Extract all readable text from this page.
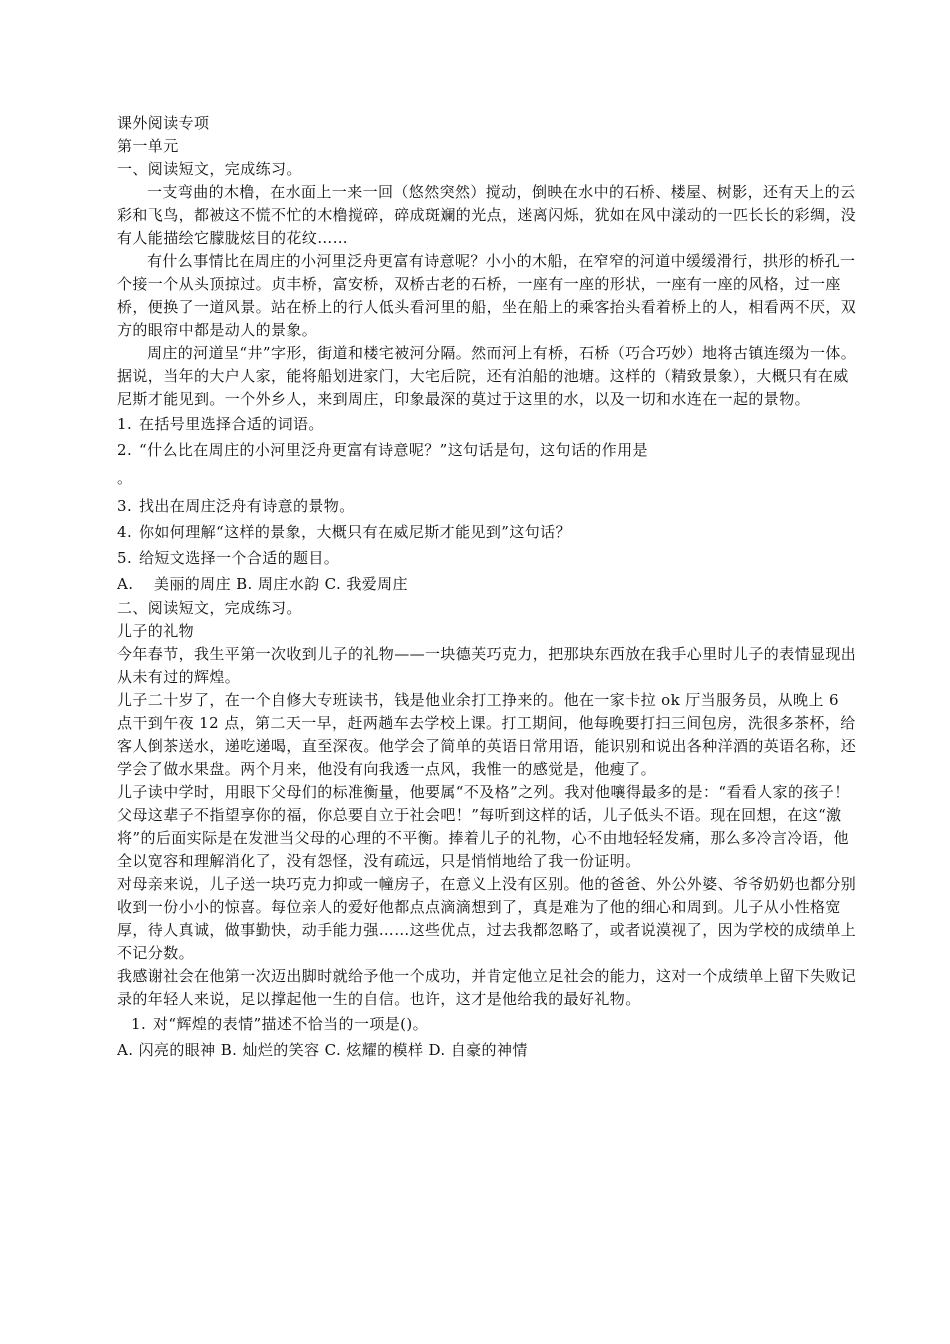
课外阅读专项
第一单元
一、阅读短文，完成练习。
一支弯曲的木橹，在水面上一来一回（悠然突然）搅动，倒映在水中的石桥、楼屋、树影，还有天上的云彩和飞鸟，都被这不慌不忙的木橹搅碎，碎成斑斓的光点，迷离闪烁，犹如在风中漾动的一匹长长的彩绸，没有人能描绘它朦胧炫目的花纹……
有什么事情比在周庄的小河里泛舟更富有诗意呢？小小的木船，在窄窄的河道中缓缓滑行，拱形的桥孔一个接一个从头顶掠过。贞丰桥，富安桥，双桥古老的石桥，一座有一座的形状，一座有一座的风格，过一座桥，便换了一道风景。站在桥上的行人低头看河里的船，坐在船上的乘客抬头看着桥上的人，相看两不厌，双方的眼帘中都是动人的景象。
周庄的河道呈“井”字形，街道和楼宅被河分隔。然而河上有桥，石桥（巧合巧妙）地将古镇连缀为一体。据说，当年的大户人家，能将船划进家门，大宅后院，还有泊船的池塘。这样的（精致景象），大概只有在威尼斯才能见到。一个外乡人，来到周庄，印象最深的莫过于这里的水，以及一切和水连在一起的景物。
1. 在括号里选择合适的词语。
2. “什么比在周庄的小河里泛舟更富有诗意呢？”这句话是句，这句话的作用是
。
3. 找出在周庄泛舟有诗意的景物。
4. 你如何理解“这样的景象，大概只有在威尼斯才能见到”这句话？
5. 给短文选择一个合适的题目。
A.　 美丽的周庄 B. 周庄水韵 C. 我爱周庄
二、阅读短文，完成练习。
儿子的礼物
今年春节，我生平第一次收到儿子的礼物——一块德芙巧克力，把那块东西放在我手心里时儿子的表情显现出从未有过的辉煌。
儿子二十岁了，在一个自修大专班读书，钱是他业余打工挣来的。他在一家卡拉 ok 厅当服务员，从晚上 6 点干到午夜 12 点，第二天一早，赶两趟车去学校上课。打工期间，他每晚要打扫三间包房，洗很多茶杯，给客人倒茶送水，递吃递喝，直至深夜。他学会了简单的英语日常用语，能识别和说出各种洋酒的英语名称，还学会了做水果盘。两个月来，他没有向我透一点风，我惟一的感觉是，他瘦了。
儿子读中学时，用眼下父母们的标准衡量，他要属“不及格”之列。我对他嚷得最多的是：“看看人家的孩子！父母这辈子不指望享你的福，你总要自立于社会吧！”每听到这样的话，儿子低头不语。现在回想，在这“激将”的后面实际是在发泄当父母的心理的不平衡。捧着儿子的礼物，心不由地轻轻发痛，那么多冷言冷语，他全以宽容和理解消化了，没有怨怪，没有疏远，只是悄悄地给了我一份证明。
对母亲来说，儿子送一块巧克力抑或一幢房子，在意义上没有区别。他的爸爸、外公外婆、爷爷奶奶也都分别收到一份小小的惊喜。每位亲人的爱好他都点点滴滴想到了，真是难为了他的细心和周到。儿子从小性格宽厚，待人真诚，做事勤快，动手能力强……这些优点，过去我都忽略了，或者说漠视了，因为学校的成绩单上不记分数。
我感谢社会在他第一次迈出脚时就给予他一个成功，并肯定他立足社会的能力，这对一个成绩单上留下失败记录的年轻人来说，足以撑起他一生的自信。也许，这才是他给我的最好礼物。
1. 对“辉煌的表情”描述不恰当的一项是()。
A. 闪亮的眼神 B. 灿烂的笑容 C. 炫耀的模样 D. 自豪的神情
